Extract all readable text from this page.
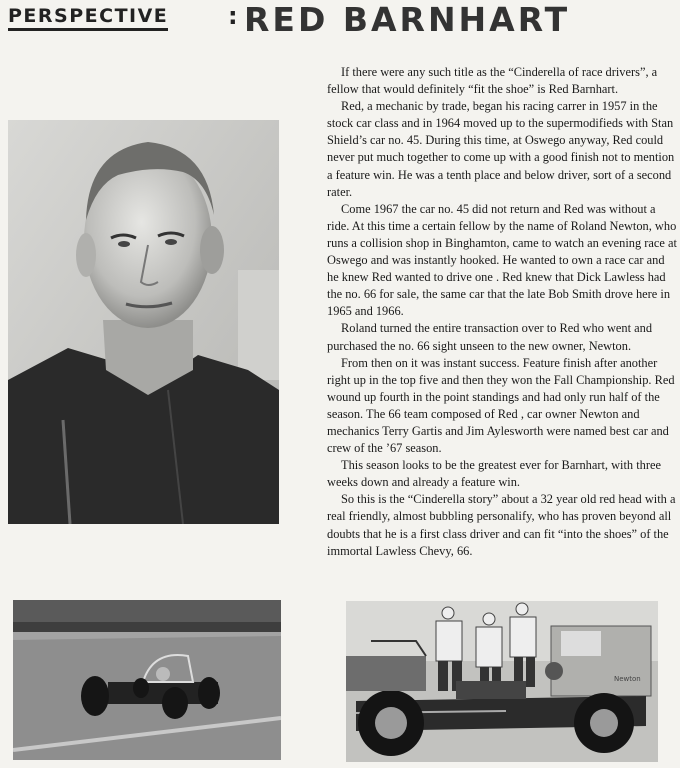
PERSPECTIVE : RED BARNHART
Newton

If there were any such title as the “Cinderella of race drivers”, a fellow that would definitely “fit the shoe” is Red Barnhart.

Red, a mechanic by trade, began his racing carrer in 1957 in the stock car class and in 1964 moved up to the supermodifieds with Stan Shield’s car no. 45. During this time, at Oswego anyway, Red could never put much together to come up with a good finish not to mention a feature win. He was a tenth place and below driver, sort of a second rater.

Come 1967 the car no. 45 did not return and Red was without a ride. At this time a certain fellow by the name of Roland Newton, who runs a collision shop in Binghamton, came to watch an evening race at Oswego and was instantly hooked. He wanted to own a race car and he knew Red wanted to drive one . Red knew that Dick Lawless had the no. 66 for sale, the same car that the late Bob Smith drove here in 1965 and 1966.

Roland turned the entire transaction over to Red who went and purchased the no. 66 sight unseen to the new owner, Newton.

From then on it was instant success. Feature finish after another right up in the top five and then they won the Fall Championship. Red wound up fourth in the point standings and had only run half of the season. The 66 team composed of Red , car owner Newton and mechanics Terry Gartis and Jim Aylesworth were named best car and crew of the ’67 season.

This season looks to be the greatest ever for Barnhart, with three weeks down and already a feature win.

So this is the “Cinderella story” about a 32 year old red head with a real friendly, almost bubbling personalify, who has proven beyond all doubts that he is a first class driver and can fit “into the shoes” of the immortal Lawless Chevy, 66.
